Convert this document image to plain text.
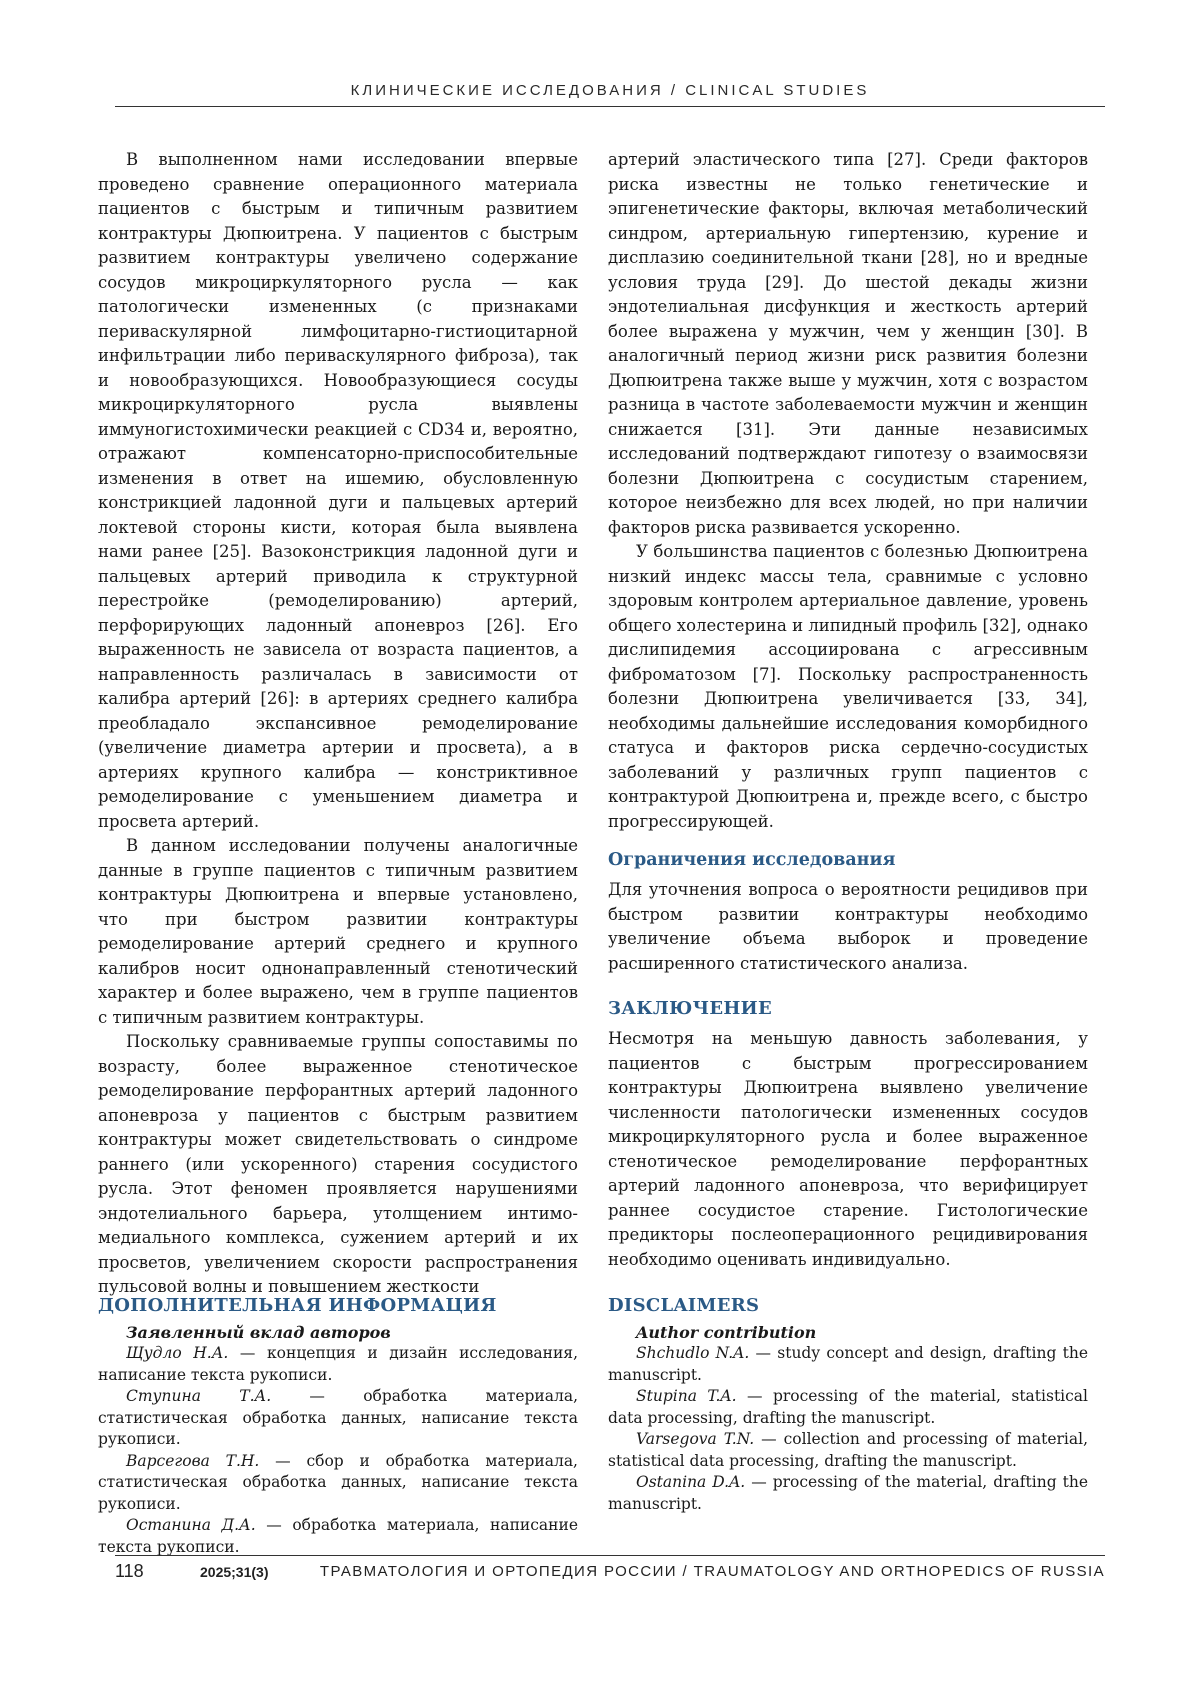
КЛИНИЧЕСКИЕ ИССЛЕДОВАНИЯ / CLINICAL STUDIES

В выполненном нами исследовании впервые проведено сравнение операционного материала пациентов с быстрым и типичным развитием контрактуры Дюпюитрена. У пациентов с быстрым развитием контрактуры увеличено содержание сосудов микроциркуляторного русла — как патологически измененных (с признаками периваскулярной лимфоцитарно-гистиоцитарной инфильтрации либо периваскулярного фиброза), так и новообразующихся. Новообразующиеся сосуды микроциркуляторного русла выявлены иммуногистохимически реакцией с CD34 и, вероятно, отражают компенсаторно-приспособительные изменения в ответ на ишемию, обусловленную констрикцией ладонной дуги и пальцевых артерий локтевой стороны кисти, которая была выявлена нами ранее [25]. Вазоконстрикция ладонной дуги и пальцевых артерий приводила к структурной перестройке (ремоделированию) артерий, перфорирующих ладонный апоневроз [26]. Его выраженность не зависела от возраста пациентов, а направленность различалась в зависимости от калибра артерий [26]: в артериях среднего калибра преобладало экспансивное ремоделирование (увеличение диаметра артерии и просвета), а в артериях крупного калибра — констриктивное ремоделирование с уменьшением диаметра и просвета артерий.

В данном исследовании получены аналогичные данные в группе пациентов с типичным развитием контрактуры Дюпюитрена и впервые установлено, что при быстром развитии контрактуры ремоделирование артерий среднего и крупного калибров носит однонаправленный стенотический характер и более выражено, чем в группе пациентов с типичным развитием контрактуры.

Поскольку сравниваемые группы сопоставимы по возрасту, более выраженное стенотическое ремоделирование перфорантных артерий ладонного апоневроза у пациентов с быстрым развитием контрактуры может свидетельствовать о синдроме раннего (или ускоренного) старения сосудистого русла. Этот феномен проявляется нарушениями эндотелиального барьера, утолщением интимо-медиального комплекса, сужением артерий и их просветов, увеличением скорости распространения пульсовой волны и повышением жесткости

артерий эластического типа [27]. Среди факторов риска известны не только генетические и эпигенетические факторы, включая метаболический синдром, артериальную гипертензию, курение и дисплазию соединительной ткани [28], но и вредные условия труда [29]. До шестой декады жизни эндотелиальная дисфункция и жесткость артерий более выражена у мужчин, чем у женщин [30]. В аналогичный период жизни риск развития болезни Дюпюитрена также выше у мужчин, хотя с возрастом разница в частоте заболеваемости мужчин и женщин снижается [31]. Эти данные независимых исследований подтверждают гипотезу о взаимосвязи болезни Дюпюитрена с сосудистым старением, которое неизбежно для всех людей, но при наличии факторов риска развивается ускоренно.

У большинства пациентов с болезнью Дюпюитрена низкий индекс массы тела, сравнимые с условно здоровым контролем артериальное давление, уровень общего холестерина и липидный профиль [32], однако дислипидемия ассоциирована с агрессивным фиброматозом [7]. Поскольку распространенность болезни Дюпюитрена увеличивается [33, 34], необходимы дальнейшие исследования коморбидного статуса и факторов риска сердечно-сосудистых заболеваний у различных групп пациентов с контрактурой Дюпюитрена и, прежде всего, с быстро прогрессирующей.

Ограничения исследования

Для уточнения вопроса о вероятности рецидивов при быстром развитии контрактуры необходимо увеличение объема выборок и проведение расширенного статистического анализа.

ЗАКЛЮЧЕНИЕ

Несмотря на меньшую давность заболевания, у пациентов с быстрым прогрессированием контрактуры Дюпюитрена выявлено увеличение численности патологически измененных сосудов микроциркуляторного русла и более выраженное стенотическое ремоделирование перфорантных артерий ладонного апоневроза, что верифицирует раннее сосудистое старение. Гистологические предикторы послеоперационного рецидивирования необходимо оценивать индивидуально.

ДОПОЛНИТЕЛЬНАЯ ИНФОРМАЦИЯ
Заявленный вклад авторов

Щудло Н.А. — концепция и дизайн исследования, написание текста рукописи.

Ступина Т.А. — обработка материала, статистическая обработка данных, написание текста рукописи.

Варсегова Т.Н. — сбор и обработка материала, статистическая обработка данных, написание текста рукописи.

Останина Д.А. — обработка материала, написание текста рукописи.

DISCLAIMERS
Author contribution

Shchudlo N.A. — study concept and design, drafting the manuscript.

Stupina T.A. — processing of the material, statistical data processing, drafting the manuscript.

Varsegova T.N. — collection and processing of material, statistical data processing, drafting the manuscript.

Ostanina D.A. — processing of the material, drafting the manuscript.

118	2025;31(3)	ТРАВМАТОЛОГИЯ И ОРТОПЕДИЯ РОССИИ / TRAUMATOLOGY AND ORTHOPEDICS OF RUSSIA
